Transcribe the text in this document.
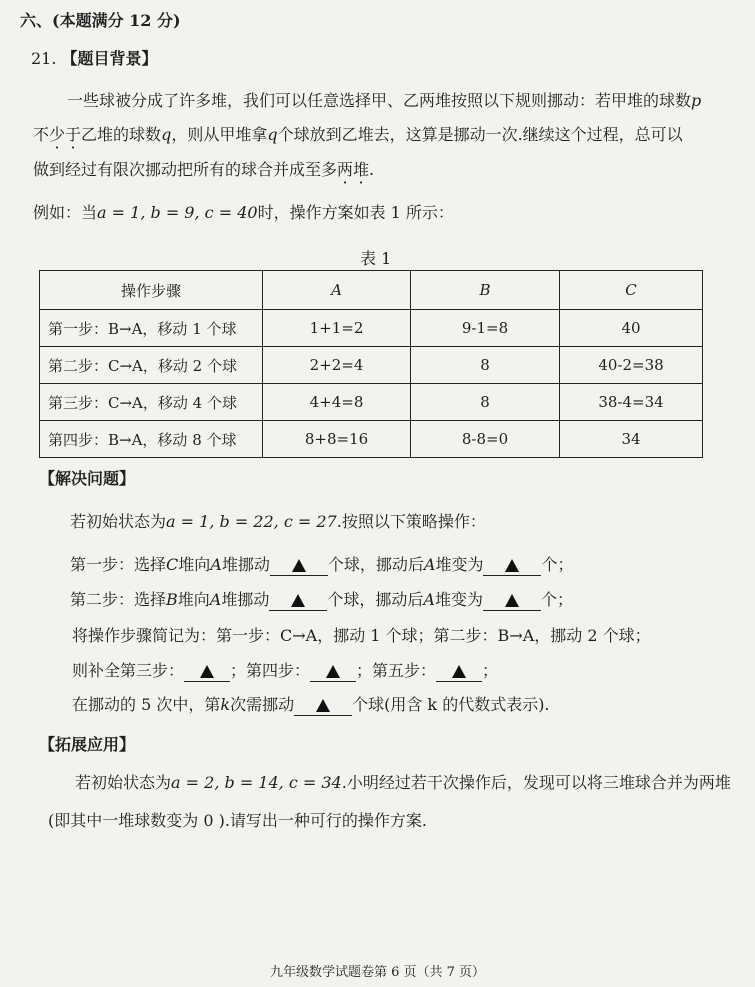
六、(本题满分 12 分)
21. 【题目背景】
一些球被分成了许多堆，我们可以任意选择甲、乙两堆按照以下规则挪动：若甲堆的球数p
不少于乙堆的球数q，则从甲堆拿q个球放到乙堆去，这算是挪动一次.继续这个过程，总可以
做到经过有限次挪动把所有的球合并成至多两堆.
例如：当a = 1, b = 9, c = 40时，操作方案如表 1 所示：
表 1
操作步骤	A	B	C
第一步：B→A，移动 1 个球	1+1=2	9-1=8	40
第二步：C→A，移动 2 个球	2+2=4	8	40-2=38
第三步：C→A，移动 4 个球	4+4=8	8	38-4=34
第四步：B→A，移动 8 个球	8+8=16	8-8=0	34
【解决问题】
若初始状态为a = 1, b = 22, c = 27.按照以下策略操作：
第一步：选择C堆向A堆挪动	个球，挪动后A堆变为	个；
第二步：选择B堆向A堆挪动	个球，挪动后A堆变为	个；
将操作步骤简记为：第一步：C→A，挪动 1 个球；第二步：B→A，挪动 2 个球；
则补全第三步：	；第四步：	；第五步：	；
在挪动的 5 次中，第k次需挪动	个球(用含 k 的代数式表示).
【拓展应用】
若初始状态为a = 2, b = 14, c = 34.小明经过若干次操作后，发现可以将三堆球合并为两堆
(即其中一堆球数变为 0 ).请写出一种可行的操作方案.
九年级数学试题卷第 6 页（共 7 页）
